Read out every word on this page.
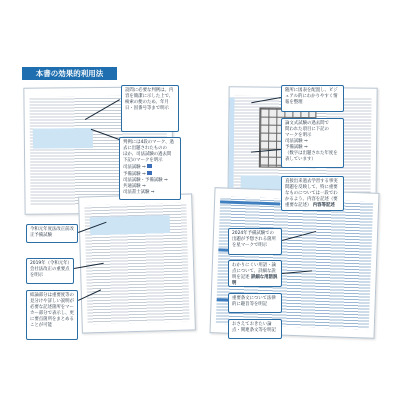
本書の効果的利用法
設問に必要な判例は、内容を簡潔に示した上で、検索の便のため、年月日・因番号等まで明示
判例には4段のマーク、過
去に出題されたものの
ほか、司法試験の過去問
下記のマークを明示
司法試験 ⇒
予備試験 ⇒
司法試験・予備試験 ⇒
共通試験 ⇒
司法書士試験 ⇒
今和元年度法改正前改正予備試験
2019年（令和元年）会社法改正の重要点を明示
結論部分は重要度等の見分けや詳しい説明が必要な記述箇所をマーカー部分で表示し、更に要点箇所をまとめることが可能
随所に図表を配置し、ビジュアル的にわかりやすく情報を整理
論文式試験の過去問で
問われた項目に下記の
マークを明示
司法試験 ⇒
予備試験 ⇒
（数字は出題された年度を表しています）
直接出来過去学習する事実問題を反映して、特に重要なものについては一段でわかるよう、内容を記述（要重要な記述） 内容等記述
2024年予備試験での出題が予想される箇所を星マークで明示
わかりにくい用語・論点について、詳細な説明を記述 詳細な用語説明
重要条文について法律的に趣旨等を明記
おさえておきたい論点・関連条文等を明記
